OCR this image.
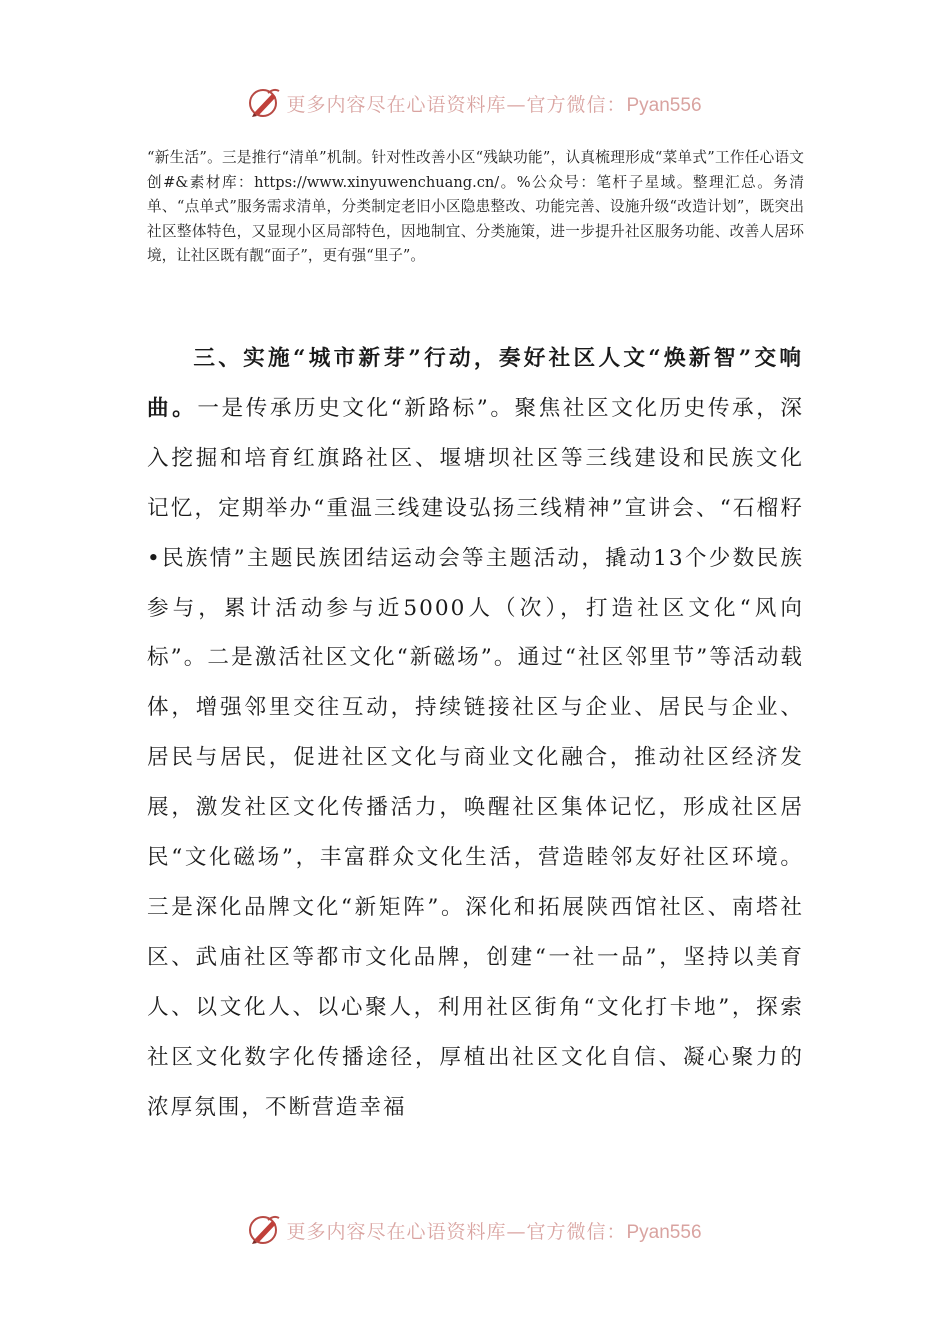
更多内容尽在心语资料库—官方微信：Pyan556

“新生活”。三是推行“清单”机制。针对性改善小区“残缺功能”，认真梳理形成“菜单式”工作任心语文创#&素材库：https://www.xinyuwenchuang.cn/。%公众号：笔杆子星域。整理汇总。务清单、“点单式”服务需求清单，分类制定老旧小区隐患整改、功能完善、设施升级“改造计划”，既突出社区整体特色，又显现小区局部特色，因地制宜、分类施策，进一步提升社区服务功能、改善人居环境，让社区既有靓“面子”，更有强“里子”。

三、实施“城市新芽”行动，奏好社区人文“焕新智”交响曲。一是传承历史文化“新路标”。聚焦社区文化历史传承，深入挖掘和培育红旗路社区、堰塘坝社区等三线建设和民族文化记忆，定期举办“重温三线建设弘扬三线精神”宣讲会、“石榴籽•民族情”主题民族团结运动会等主题活动，撬动13个少数民族参与，累计活动参与近5000人（次），打造社区文化“风向标”。二是激活社区文化“新磁场”。通过“社区邻里节”等活动载体，增强邻里交往互动，持续链接社区与企业、居民与企业、居民与居民，促进社区文化与商业文化融合，推动社区经济发展，激发社区文化传播活力，唤醒社区集体记忆，形成社区居民“文化磁场”，丰富群众文化生活，营造睦邻友好社区环境。三是深化品牌文化“新矩阵”。深化和拓展陕西馆社区、南塔社区、武庙社区等都市文化品牌，创建“一社一品”，坚持以美育人、以文化人、以心聚人，利用社区街角“文化打卡地”，探索社区文化数字化传播途径，厚植出社区文化自信、凝心聚力的浓厚氛围，不断营造幸福

更多内容尽在心语资料库—官方微信：Pyan556
